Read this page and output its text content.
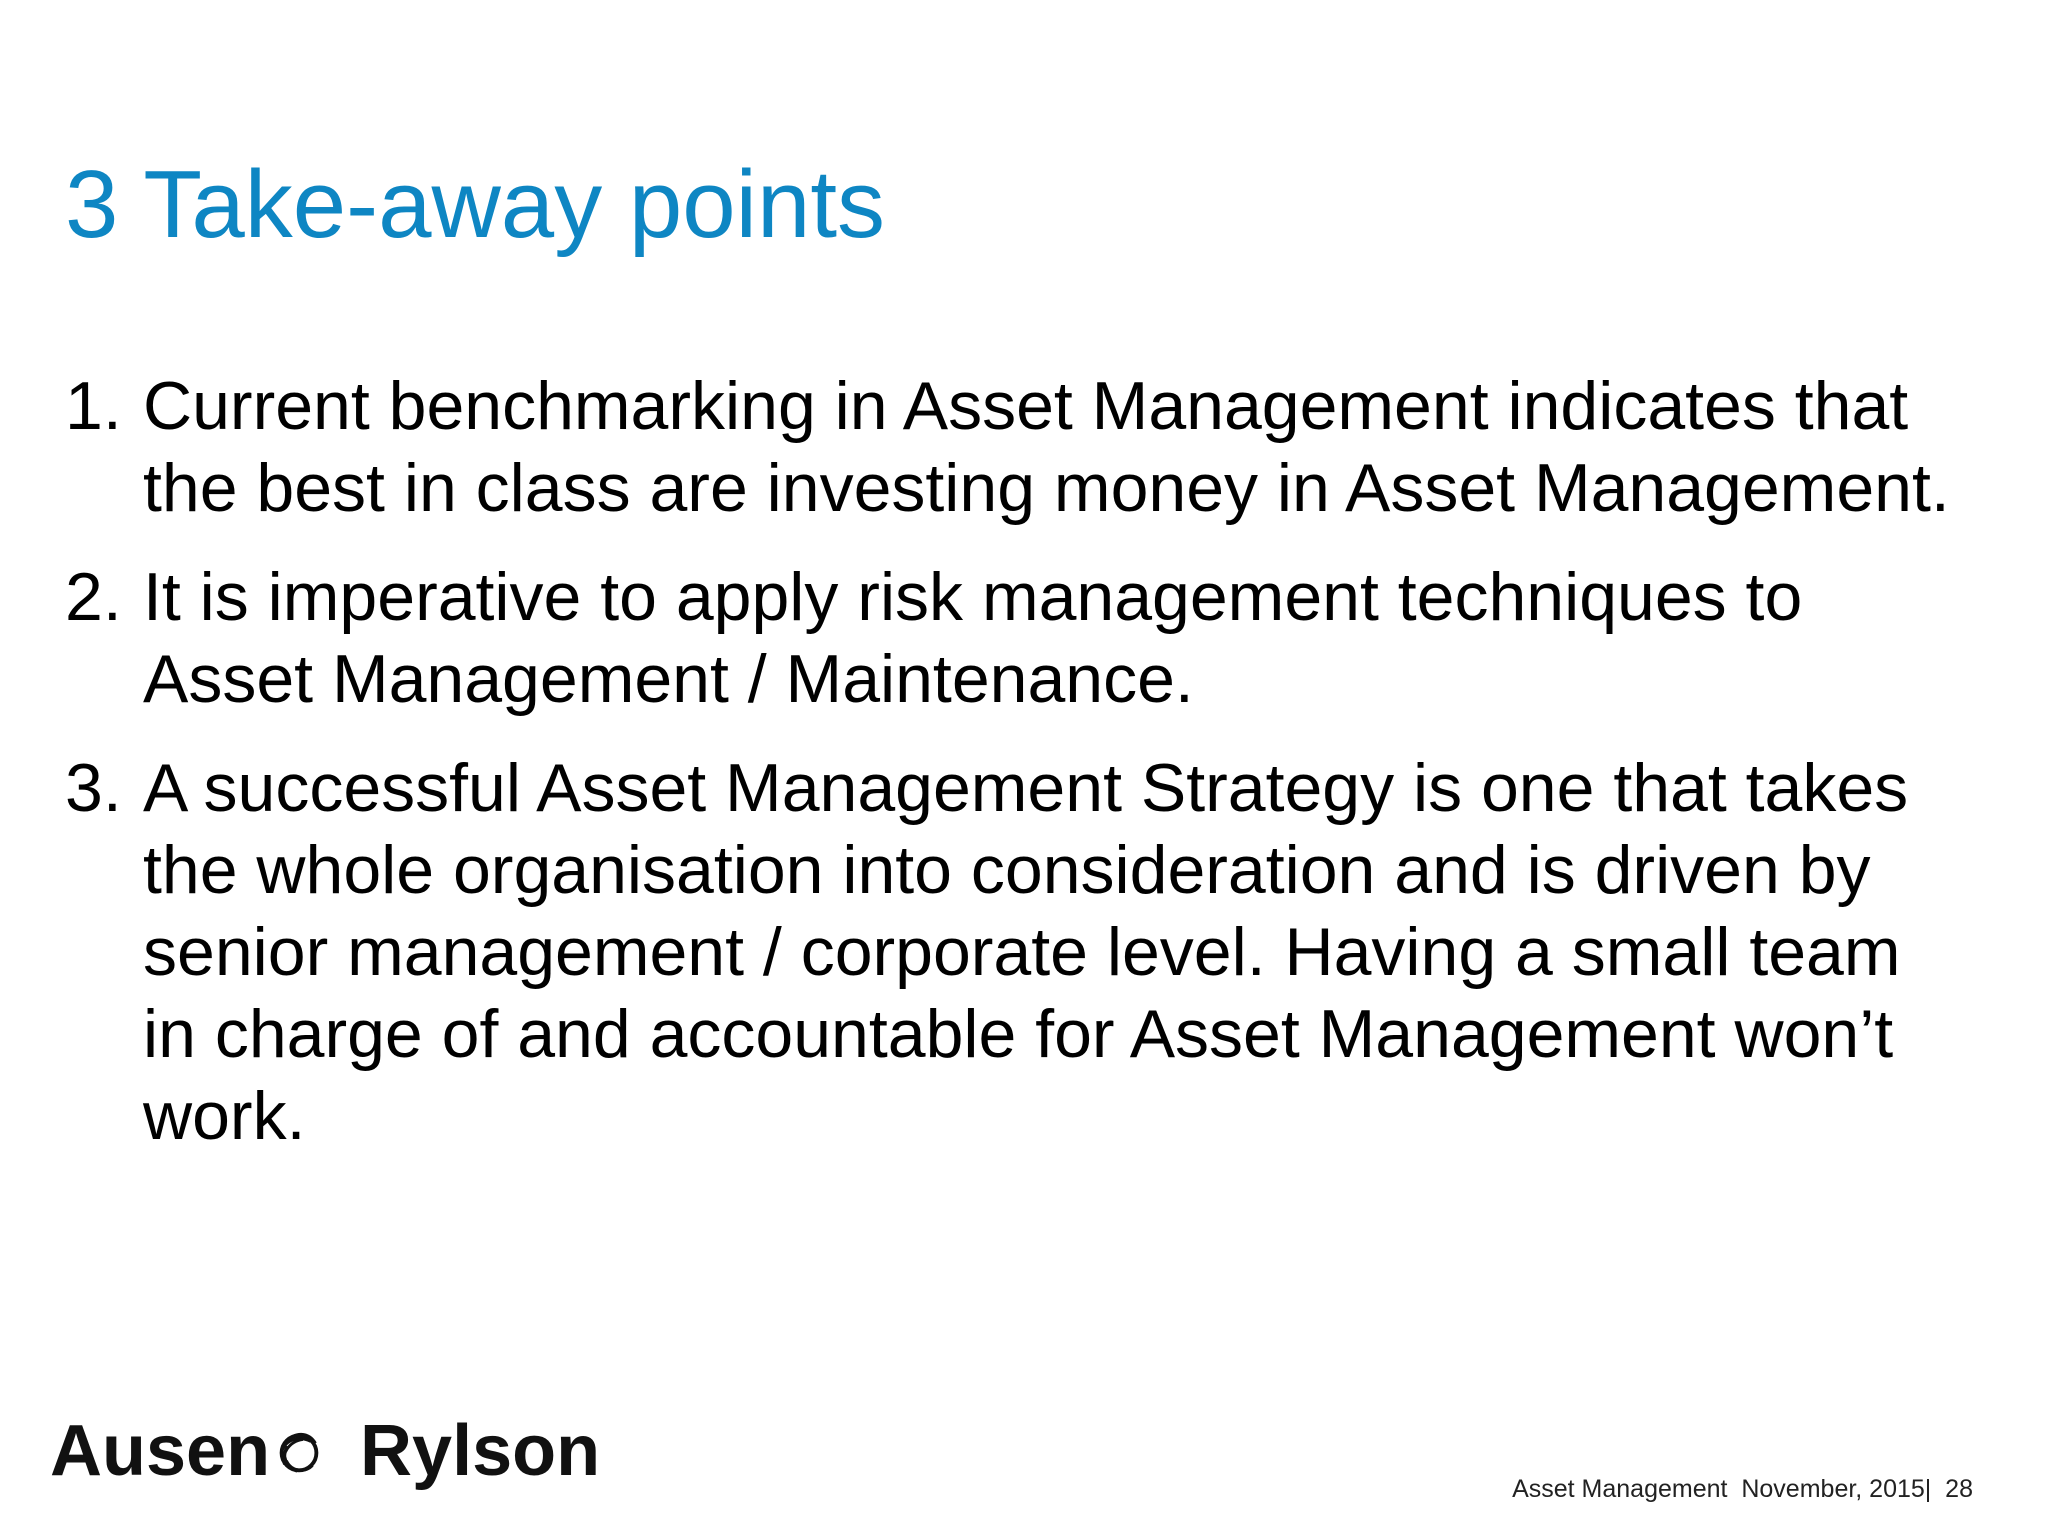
3 Take-away points
1. Current benchmarking in Asset Management indicates that the best in class are investing money in Asset Management.
2. It is imperative to apply risk management techniques to Asset Management / Maintenance.
3. A successful Asset Management Strategy is one that takes the whole organisation into consideration and is driven by senior management / corporate level. Having a small team in charge of and accountable for Asset Management won’t work.
Ausen Rylson	Asset Management  November, 2015|  28
